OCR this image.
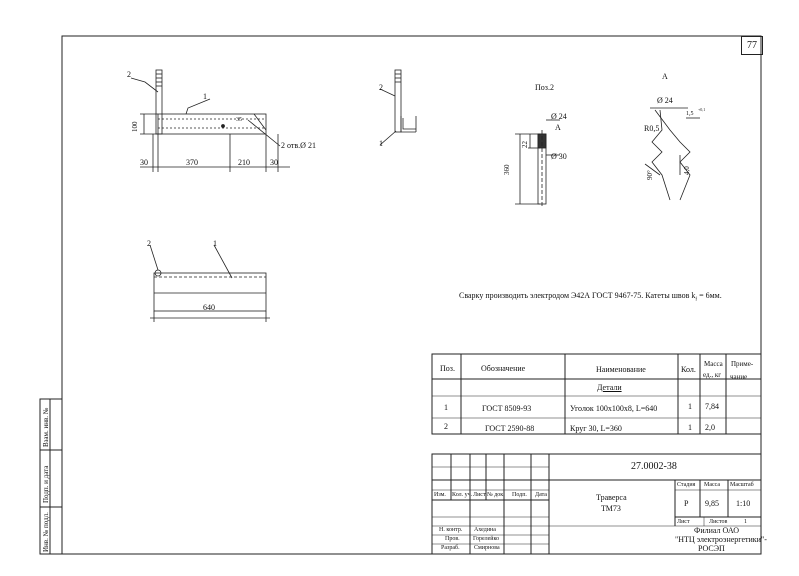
77
2
1
100
30	370	210	30
35
2 отв.Ø 21
2
1
Поз.2
Ø 24
Ø 30
22
360
А
А
Ø 24
1,5
+0,1
R0,5
90°	4,0
2	1
640
Сварку производить электродом Э42А ГОСТ 9467-75. Катеты швов $k_f = 6мм$.
Поз.	Обозначение	Наименование	Кол.
Масса
ед., кг
Приме-
чание
Детали
1	ГОСТ 8509-93	Уголок 100х100х8, L=640	1 7,84
2	ГОСТ 2590-88	Круг 30, L=360	1 2,0
27.0002-38
Изм. Кол. уч. Лист № док. Подп. Дата	Траверса
ТМ73
Стадия Масса Масштаб
Р 9,85 1:10
Лист	Листов	1
Филиал ОАО
"НТЦ электроэнергетики"-
РОСЭП
Н. контр. Ахедина
Пров. Горелейко
Разраб. Смирнова
Взам. инв. №
Подп. и дата
Инв. № подл.
